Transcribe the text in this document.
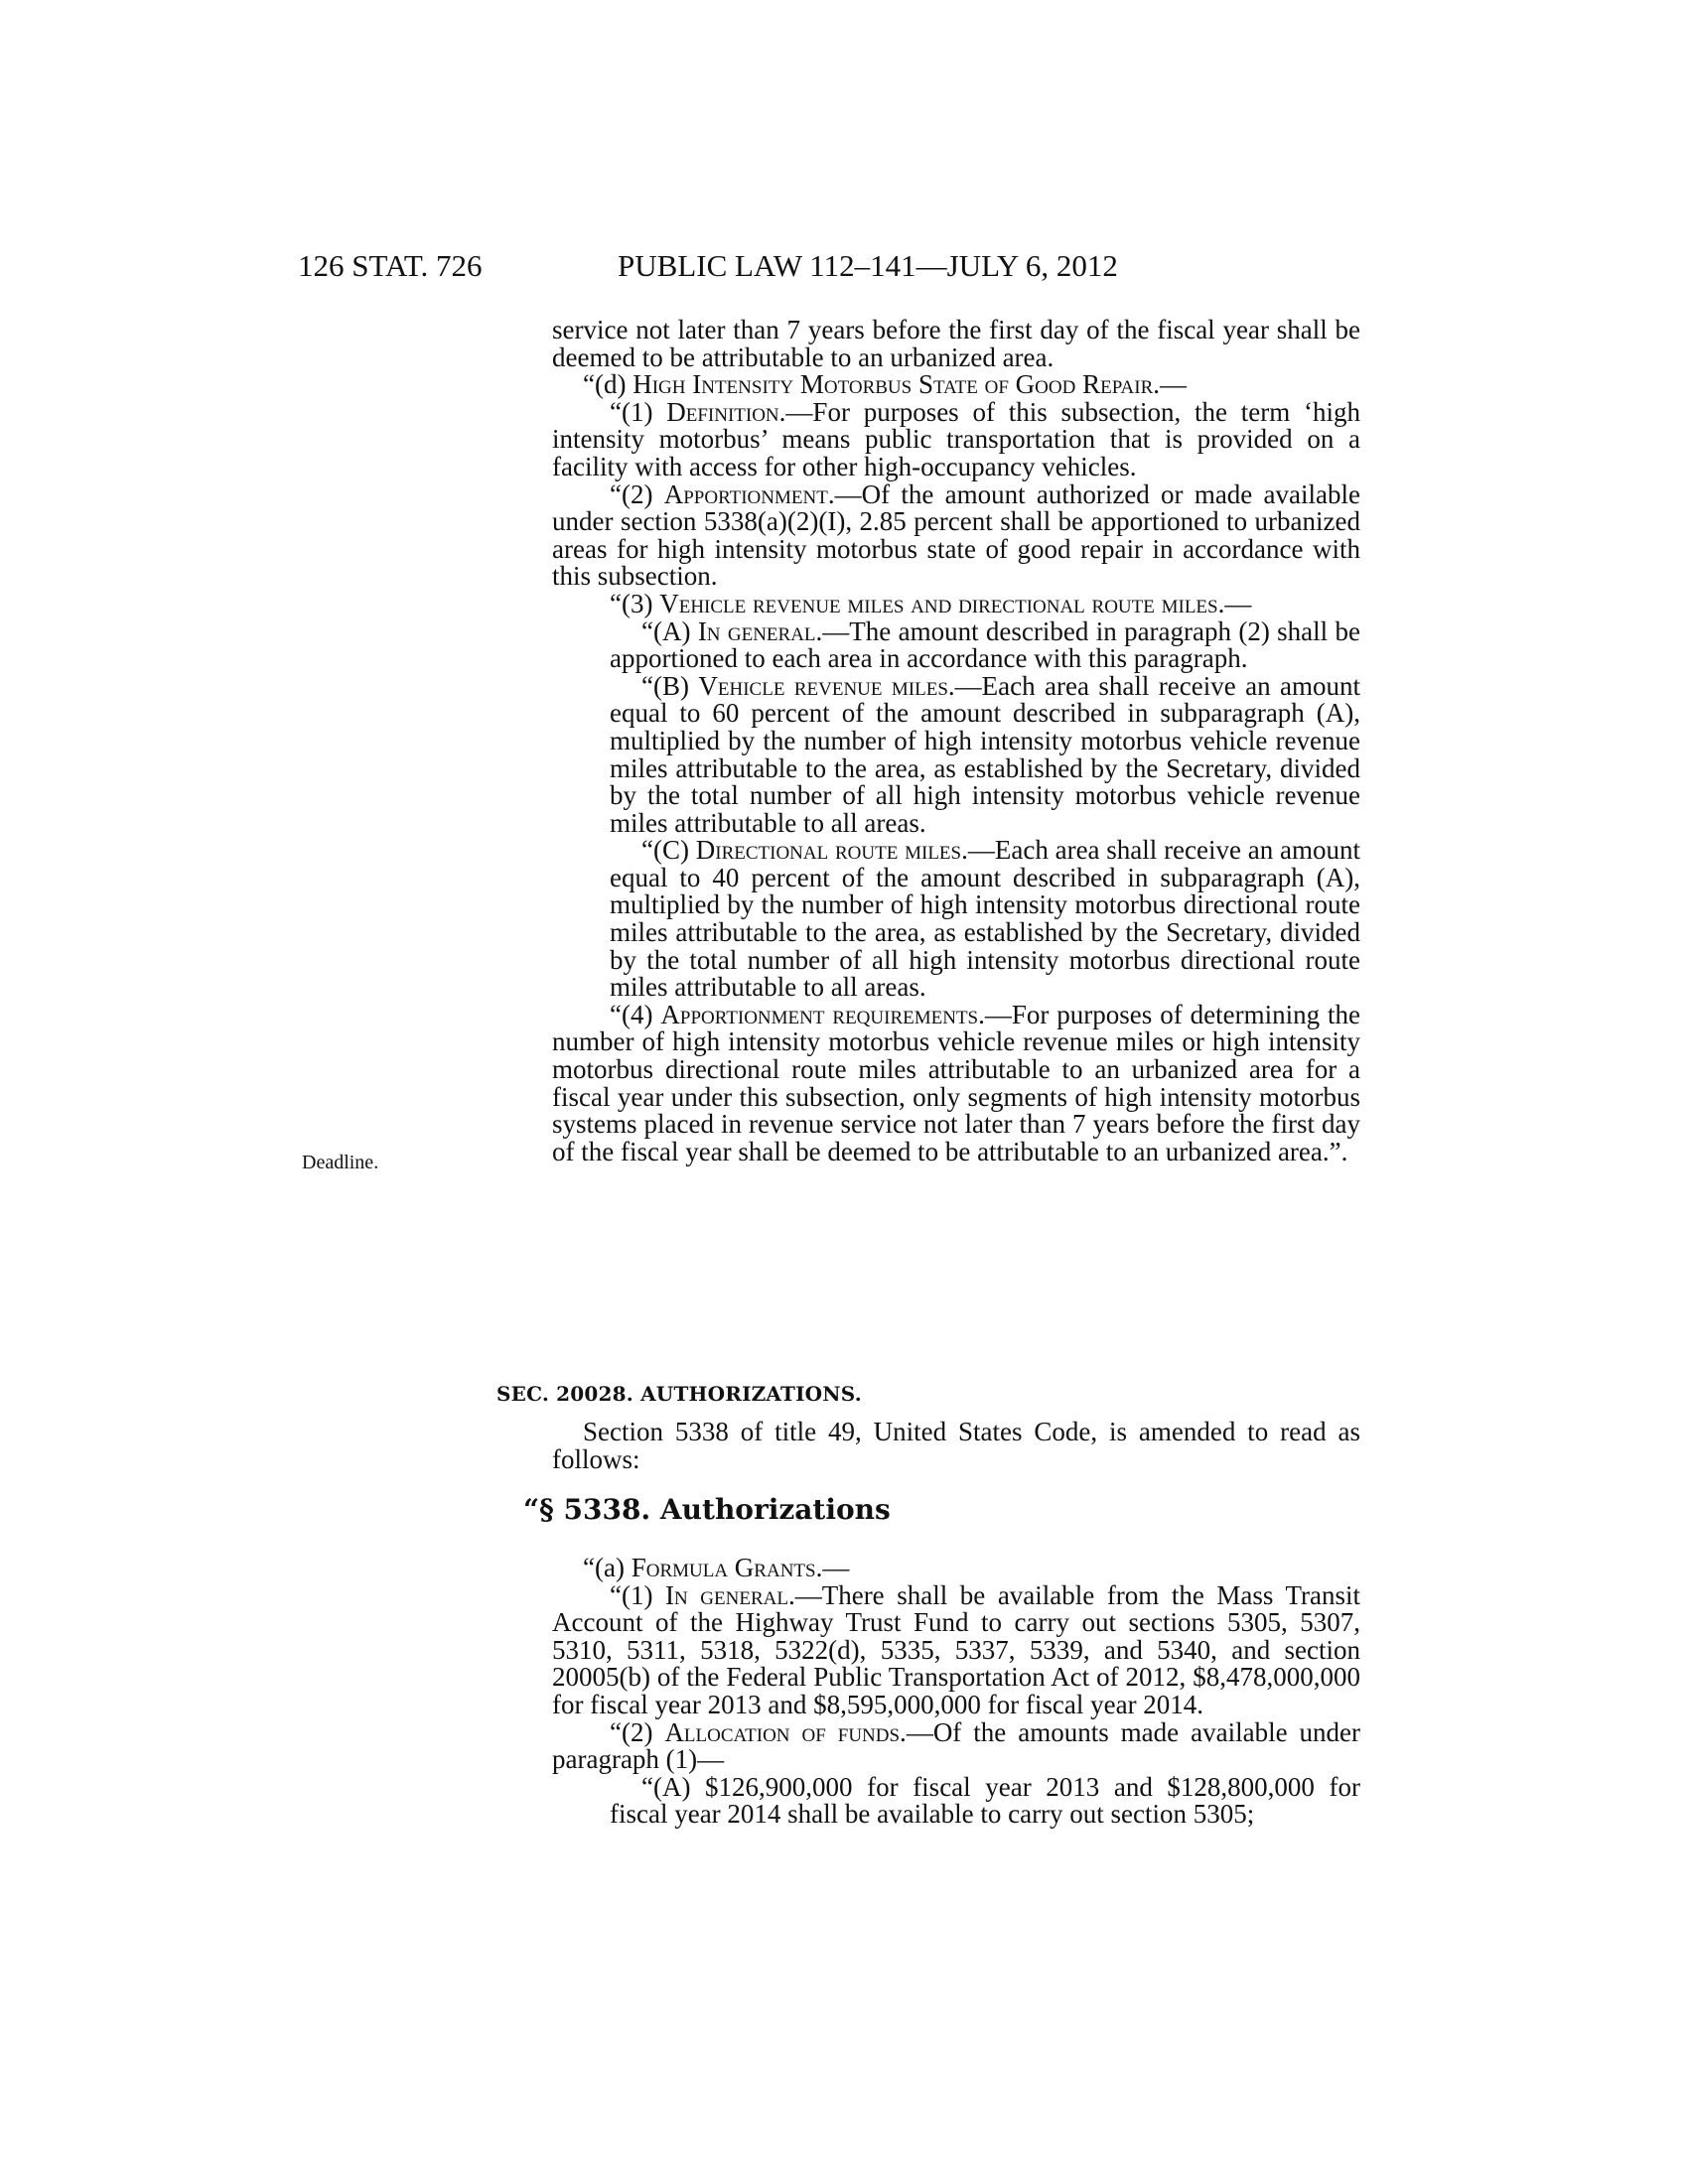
126 STAT. 726	PUBLIC LAW 112–141—JULY 6, 2012
Deadline.

service not later than 7 years before the first day of the fiscal year shall be deemed to be attributable to an urbanized area.

“(d) High Intensity Motorbus State of Good Repair.—

“(1) Definition.—For purposes of this subsection, the term ‘high intensity motorbus’ means public transportation that is provided on a facility with access for other high-occupancy vehicles.

“(2) Apportionment.—Of the amount authorized or made available under section 5338(a)(2)(I), 2.85 percent shall be apportioned to urbanized areas for high intensity motorbus state of good repair in accordance with this subsection.

“(3) Vehicle revenue miles and directional route miles.—

“(A) In general.—The amount described in paragraph (2) shall be apportioned to each area in accordance with this paragraph.

“(B) Vehicle revenue miles.—Each area shall receive an amount equal to 60 percent of the amount described in subparagraph (A), multiplied by the number of high intensity motorbus vehicle revenue miles attributable to the area, as established by the Secretary, divided by the total number of all high intensity motorbus vehicle revenue miles attributable to all areas.

“(C) Directional route miles.—Each area shall receive an amount equal to 40 percent of the amount described in subparagraph (A), multiplied by the number of high intensity motorbus directional route miles attributable to the area, as established by the Secretary, divided by the total number of all high intensity motorbus directional route miles attributable to all areas.

“(4) Apportionment requirements.—For purposes of determining the number of high intensity motorbus vehicle revenue miles or high intensity motorbus directional route miles attributable to an urbanized area for a fiscal year under this subsection, only segments of high intensity motorbus systems placed in revenue service not later than 7 years before the first day of the fiscal year shall be deemed to be attributable to an urbanized area.”.

SEC. 20028. AUTHORIZATIONS.

Section 5338 of title 49, United States Code, is amended to read as follows:

“§ 5338. Authorizations

“(a) Formula Grants.—

“(1) In general.—There shall be available from the Mass Transit Account of the Highway Trust Fund to carry out sections 5305, 5307, 5310, 5311, 5318, 5322(d), 5335, 5337, 5339, and 5340, and section 20005(b) of the Federal Public Transportation Act of 2012, $8,478,000,000 for fiscal year 2013 and $8,595,000,000 for fiscal year 2014.

“(2) Allocation of funds.—Of the amounts made available under paragraph (1)—

“(A) $126,900,000 for fiscal year 2013 and $128,800,000 for fiscal year 2014 shall be available to carry out section 5305;
